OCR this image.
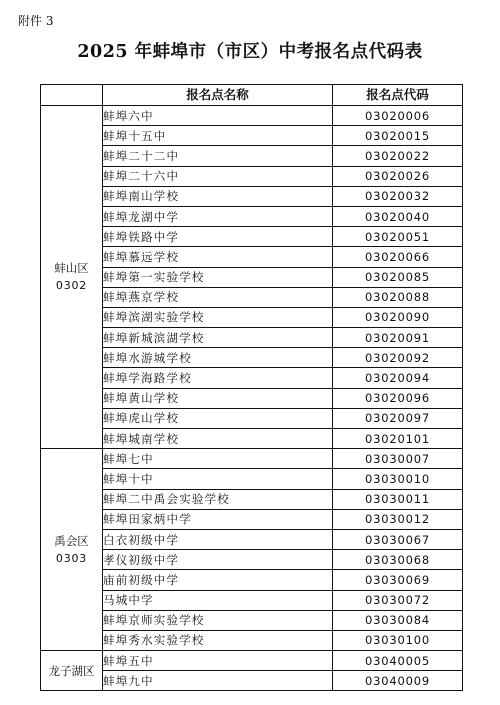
附件 3
2025 年蚌埠市（市区）中考报名点代码表
	报名点名称	报名点代码

蚌山区
0302	蚌埠六中	03020006
	蚌埠十五中	03020015
	蚌埠二十二中	03020022
	蚌埠二十六中	03020026
	蚌埠南山学校	03020032
	蚌埠龙湖中学	03020040
	蚌埠铁路中学	03020051
	蚌埠慕远学校	03020066
	蚌埠第一实验学校	03020085
	蚌埠燕京学校	03020088
	蚌埠滨湖实验学校	03020090
	蚌埠新城滨湖学校	03020091
	蚌埠水游城学校	03020092
	蚌埠学海路学校	03020094
	蚌埠黄山学校	03020096
	蚌埠虎山学校	03020097
	蚌埠城南学校	03020101

禹会区
0303	蚌埠七中	03030007
	蚌埠十中	03030010
	蚌埠二中禹会实验学校	03030011
	蚌埠田家炳中学	03030012
	白衣初级中学	03030067
	孝仪初级中学	03030068
	庙前初级中学	03030069
	马城中学	03030072
	蚌埠京师实验学校	03030084
	蚌埠秀水实验学校	03030100

龙子湖区	蚌埠五中	03040005
	蚌埠九中	03040009
